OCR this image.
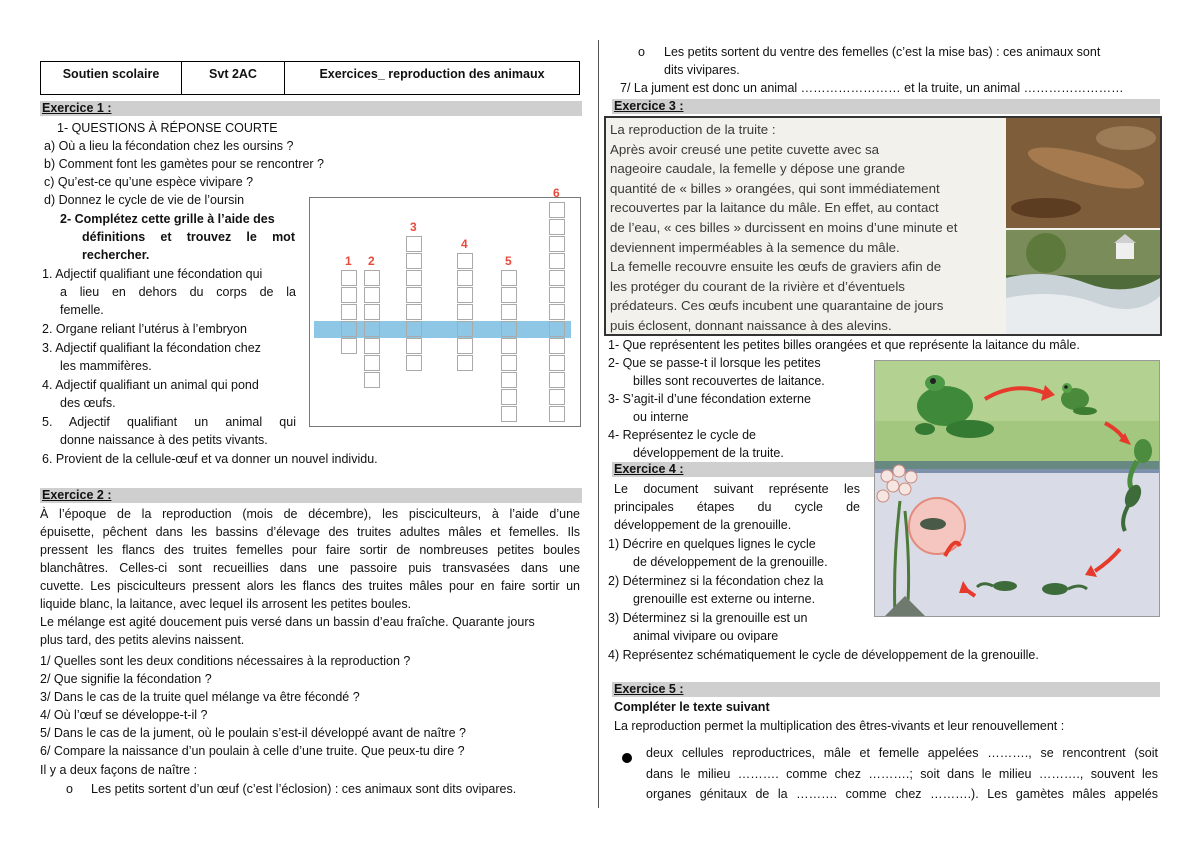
Soutien scolaire	Svt 2AC	Exercices_ reproduction des animaux
Exercice 1 :
1- QUESTIONS À RÉPONSE COURTE
a) Où a lieu la fécondation chez les oursins ?
b) Comment font les gamètes pour se rencontrer ?
c) Qu’est-ce qu’une espèce vivipare ?
d) Donnez le cycle de vie de l’oursin
2- Complétez cette grille à l’aide des
définitions et trouvez le mot
rechercher.
1. Adjectif qualifiant une fécondation qui
a lieu en dehors du corps de la
femelle.
2. Organe reliant l’utérus à l’embryon
3. Adjectif qualifiant la fécondation chez
les mammifères.
4. Adjectif qualifiant un animal qui pond
des œufs.
5. Adjectif qualifiant un animal qui
donne naissance à des petits vivants.
6. Provient de la cellule-œuf et va donner un nouvel individu.
1 2
3
4
5
6
Exercice 2 :
À l’époque de la reproduction (mois de décembre), les pisciculteurs, à l’aide d’une
épuisette, pêchent dans les bassins d’élevage des truites adultes mâles et femelles. Ils
pressent les flancs des truites femelles pour faire sortir de nombreuses petites boules
blanchâtres. Celles-ci sont recueillies dans une passoire puis transvasées dans une
cuvette. Les pisciculteurs pressent alors les flancs des truites mâles pour en faire sortir un
liquide blanc, la laitance, avec lequel ils arrosent les petites boules.
Le mélange est agité doucement puis versé dans un bassin d’eau fraîche. Quarante jours
plus tard, des petits alevins naissent.
1/ Quelles sont les deux conditions nécessaires à la reproduction ?
2/ Que signifie la fécondation ?
3/ Dans le cas de la truite quel mélange va être fécondé ?
4/ Où l’œuf se développe-t-il ?
5/ Dans le cas de la jument, où le poulain s’est-il développé avant de naître ?
6/ Compare la naissance d’un poulain à celle d’une truite. Que peux-tu dire ?
Il y a deux façons de naître :
o Les petits sortent d’un œuf (c’est l’éclosion) : ces animaux sont dits ovipares.
o Les petits sortent du ventre des femelles (c’est la mise bas) : ces animaux sont
dits vivipares.
7/ La jument est donc un animal …………………… et la truite, un animal ……………………
Exercice 3 :
La reproduction de la truite :
Après avoir creusé une petite cuvette avec sa
nageoire caudale, la femelle y dépose une grande
quantité de « billes » orangées, qui sont immédiatement
recouvertes par la laitance du mâle. En effet, au contact
de l’eau, « ces billes » durcissent en moins d’une minute et
deviennent imperméables à la semence du mâle.
La femelle recouvre ensuite les œufs de graviers afin de
les protéger du courant de la rivière et d’éventuels
prédateurs. Ces œufs incubent une quarantaine de jours
puis éclosent, donnant naissance à des alevins.
1- Que représentent les petites billes orangées et que représente la laitance du mâle.
2- Que se passe-t il lorsque les petites
billes sont recouvertes de laitance.
3- S’agit-il d’une fécondation externe
ou interne
4- Représentez le cycle de
développement de la truite.
Exercice 4 :
Le document suivant représente les
principales étapes du cycle de
développement de la grenouille.
1) Décrire en quelques lignes le cycle
de développement de la grenouille.
2) Déterminez si la fécondation chez la
grenouille est externe ou interne.
3) Déterminez si la grenouille est un
animal vivipare ou ovipare
4) Représentez schématiquement le cycle de développement de la grenouille.
Exercice 5 :
Compléter le texte suivant
La reproduction permet la multiplication des êtres-vivants et leur renouvellement :
deux cellules reproductrices, mâle et femelle appelées ………., se rencontrent (soit
dans le milieu ………. comme chez ……….; soit dans le milieu ………., souvent les
organes génitaux de la ………. comme chez ……….). Les gamètes mâles appelés
